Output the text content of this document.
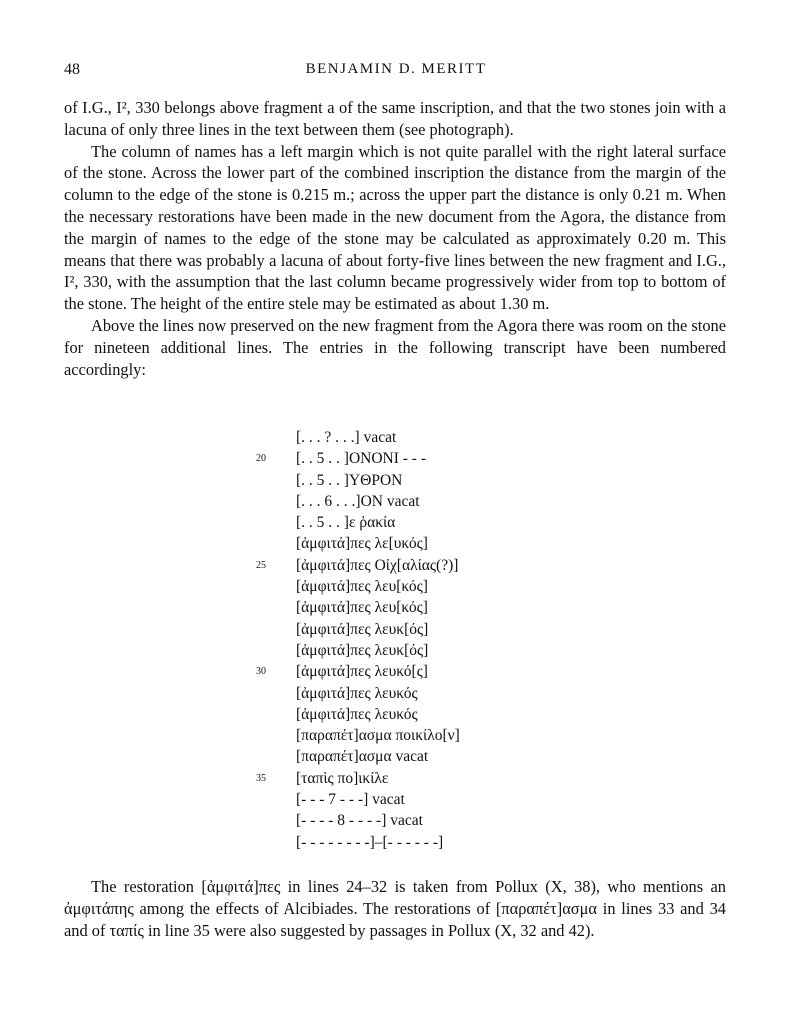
48	BENJAMIN D. MERITT

of I.G., I², 330 belongs above fragment a of the same inscription, and that the two stones join with a lacuna of only three lines in the text between them (see photograph).

The column of names has a left margin which is not quite parallel with the right lateral surface of the stone. Across the lower part of the combined inscription the distance from the margin of the column to the edge of the stone is 0.215 m.; across the upper part the distance is only 0.21 m. When the necessary restorations have been made in the new document from the Agora, the distance from the margin of names to the edge of the stone may be calculated as approximately 0.20 m. This means that there was probably a lacuna of about forty-five lines between the new fragment and I.G., I², 330, with the assumption that the last column became progressively wider from top to bottom of the stone. The height of the entire stele may be estimated as about 1.30 m.

Above the lines now preserved on the new fragment from the Agora there was room on the stone for nineteen additional lines. The entries in the following transcript have been numbered accordingly:

[. . . ? . . .] vacat
20	[. . 5 . . ]ONONI - - -
[. . 5 . . ]YΘPON
[. . . 6 . . .]ON vacat
[. . 5 . . ]ε ῥακία
[ἀμφιτά]πες λε[υκός]
25	[ἀμφιτά]πες Οἰχ[αλίας(?)]
[ἀμφιτά]πες λευ[κός]
[ἀμφιτά]πες λευ[κός]
[ἀμφιτά]πες λευκ[ός]
[ἀμφιτά]πες λευκ[ός]
30	[ἀμφιτά]πες λευκό[ς]
[ἀμφιτά]πες λευκός
[ἀμφιτά]πες λευκός
[παραπέτ]ασμα ποικίλο[ν]
[παραπέτ]ασμα vacat
35	[ταπὶς πο]ικίλε
[- - - 7 - - -] vacat
[- - - - 8 - - - -] vacat
[- - - - - - - -]–[- - - - - -]
The restoration [ἀμφιτά]πες in lines 24–32 is taken from Pollux (X, 38), who mentions an ἀμφιτάπης among the effects of Alcibiades. The restorations of [παραπέτ]ασμα in lines 33 and 34 and of ταπίς in line 35 were also suggested by passages in Pollux (X, 32 and 42).
